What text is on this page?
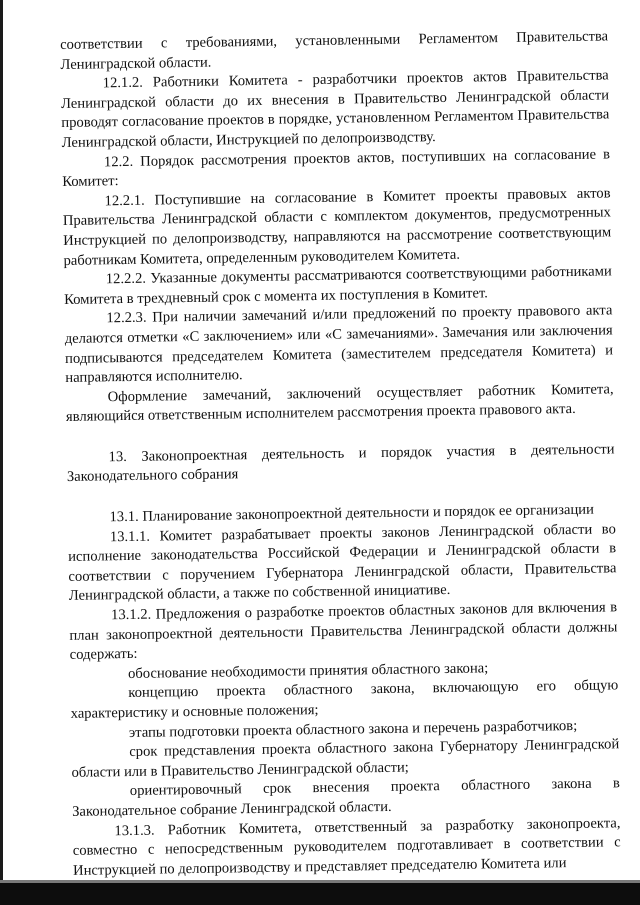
соответствии с требованиями, установленными Регламентом Правительства Ленинградской области.

12.1.2. Работники Комитета - разработчики проектов актов Правительства Ленинградской области до их внесения в Правительство Ленинградской области проводят согласование проектов в порядке, установленном Регламентом Правительства Ленинградской области, Инструкцией по делопроизводству.

12.2. Порядок рассмотрения проектов актов, поступивших на согласование в Комитет:

12.2.1. Поступившие на согласование в Комитет проекты правовых актов Правительства Ленинградской области с комплектом документов, предусмотренных Инструкцией по делопроизводству, направляются на рассмотрение соответствующим работникам Комитета, определенным руководителем Комитета.

12.2.2. Указанные документы рассматриваются соответствующими работниками Комитета в трехдневный срок с момента их поступления в Комитет.

12.2.3. При наличии замечаний и/или предложений по проекту правового акта делаются отметки «С заключением» или «С замечаниями». Замечания или заключения подписываются председателем Комитета (заместителем председателя Комитета) и направляются исполнителю.

Оформление замечаний, заключений осуществляет работник Комитета, являющийся ответственным исполнителем рассмотрения проекта правового акта.

13. Законопроектная деятельность и порядок участия в деятельности Законодательного собрания

13.1. Планирование законопроектной деятельности и порядок ее организации

13.1.1. Комитет разрабатывает проекты законов Ленинградской области во исполнение законодательства Российской Федерации и Ленинградской области в соответствии с поручением Губернатора Ленинградской области, Правительства Ленинградской области, а также по собственной инициативе.

13.1.2. Предложения о разработке проектов областных законов для включения в план законопроектной деятельности Правительства Ленинградской области должны содержать:

обоснование необходимости принятия областного закона;

концепцию проекта областного закона, включающую его общую характеристику и основные положения;

этапы подготовки проекта областного закона и перечень разработчиков;

срок представления проекта областного закона Губернатору Ленинградской области или в Правительство Ленинградской области;

ориентировочный срок внесения проекта областного закона в Законодательное собрание Ленинградской области.

13.1.3. Работник Комитета, ответственный за разработку законопроекта, совместно с непосредственным руководителем подготавливает в соответствии с Инструкцией по делопроизводству и представляет председателю Комитета или
